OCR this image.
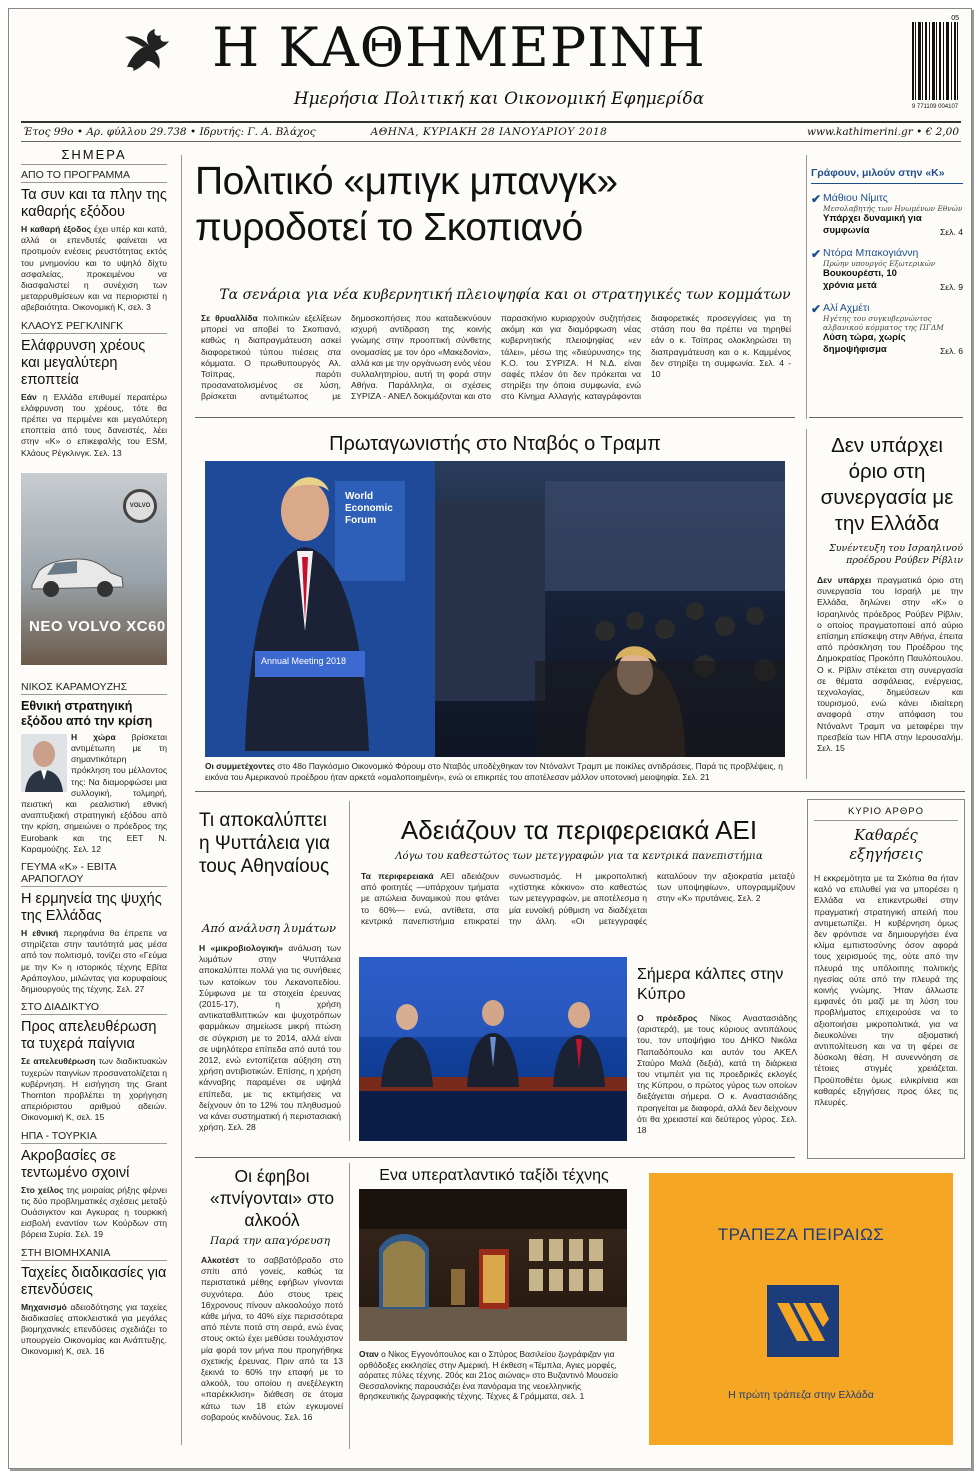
Η ΚΑΘΗΜΕΡΙΝΗ
Ημερήσια Πολιτική και Οικονομική Εφημερίδα
05
9 771109 004107
Έτος 99ο • Αρ. φύλλου 29.738 • Ιδρυτής: Γ. Α. Βλάχος	ΑΘΗΝΑ, ΚΥΡΙΑΚΗ 28 ΙΑΝΟΥΑΡΙΟΥ 2018	www.kathimerini.gr • € 2,00
ΣΗΜΕΡΑ
ΑΠΟ ΤΟ ΠΡΟΓΡΑΜΜΑ
Τα συν και τα πλην της καθαρής εξόδου
Η καθαρή έξοδος έχει υπέρ και κατά, αλλά οι επενδυτές φαίνεται να προτιμούν ενέσεις ρευστότητας εκτός του μνημονίου και το υψηλό δίχτυ ασφαλείας, προκειμένου να διασφαλιστεί η συνέχιση των μεταρρυθμίσεων και να περιοριστεί η αβεβαιότητα. Οικονομική Κ, σελ. 3
ΚΛΑΟΥΣ ΡΕΓΚΛΙΝΓΚ
Ελάφρυνση χρέους και μεγαλύτερη εποπτεία
Εάν η Ελλάδα επιθυμεί περαιτέρω ελάφρυνση του χρέους, τότε θα πρέπει να περιμένει και μεγαλύτερη εποπτεία από τους δανειστές, λέει στην «Κ» ο επικεφαλής του ESM, Κλάους Ρέγκλινγκ. Σελ. 13
VOLVO
NEO VOLVO XC60
ΝΙΚΟΣ ΚΑΡΑΜΟΥΖΗΣ
Εθνική στρατηγική εξόδου από την κρίση
Η χώρα βρίσκεται αντιμέτωπη με τη σημαντικότερη πρόκληση του μέλλοντος της: Να διαμορφώσει μια συλλογική, τολμηρή, πειστική και ρεαλιστική εθνική αναπτυξιακή στρατηγική εξόδου από την κρίση, σημειώνει ο πρόεδρος της Eurobank και της ΕΕΤ Ν. Καραμούζης. Σελ. 12
ΓΕΥΜΑ «Κ» - ΕΒΙΤΑ ΑΡΑΠΟΓΛΟΥ
Η ερμηνεία της ψυχής της Ελλάδας
Η εθνική περηφάνια θα έπρεπε να στηρίζεται στην ταυτότητά μας μέσα από τον πολιτισμό, τονίζει στο «Γεύμα με την Κ» η ιστορικός τέχνης Εβίτα Αράπογλου, μιλώντας για κορυφαίους δημιουργούς της τέχνης. Σελ. 27
ΣΤΟ ΔΙΑΔΙΚΤΥΟ
Προς απελευθέρωση τα τυχερά παίγνια
Σε απελευθέρωση των διαδικτυακών τυχερών παιγνίων προσανατολίζεται η κυβέρνηση. Η εισήγηση της Grant Thornton προβλέπει τη χορήγηση απεριόριστου αριθμού αδειών. Οικονομική Κ, σελ. 15
ΗΠΑ - ΤΟΥΡΚΙΑ
Ακροβασίες σε τεντωμένο σχοινί
Στο χείλος της μοιραίας ρήξης φέρνει τις δύο προβληματικές σχέσεις μεταξύ Ουάσιγκτον και Αγκυρας η τουρκική εισβολή εναντίον των Κούρδων στη βόρεια Συρία. Σελ. 19
ΣΤΗ ΒΙΟΜΗΧΑΝΙΑ
Ταχείες διαδικασίες για επενδύσεις
Μηχανισμό αδειοδότησης για ταχείες διαδικασίες αποκλειστικά για μεγάλες βιομηχανικές επενδύσεις σχεδιάζει το υπουργείο Οικονομίας και Ανάπτυξης. Οικονομική Κ, σελ. 16
Πολιτικό «μπιγκ μπανγκ» πυροδοτεί το Σκοπιανό
Τα σενάρια για νέα κυβερνητική πλειοψηφία και οι στρατηγικές των κομμάτων
Σε θρυαλλίδα πολιτικών εξελίξεων μπορεί να αποβεί το Σκοπιανό, καθώς η διαπραγμάτευση ασκεί διαφορετικού τύπου πιέσεις στα κόμματα. Ο πρωθυπουργός Αλ. Τσίπρας, παρότι προσανατολισμένος σε λύση, βρίσκεται αντιμέτωπος με δημοσκοπήσεις που καταδεικνύουν ισχυρή αντίδραση της κοινής γνώμης στην προοπτική σύνθετης ονομασίας με τον όρο «Μακεδονία», αλλά και με την οργάνωση ενός νέου συλλαλητηρίου, αυτή τη φορά στην Αθήνα. Παράλληλα, οι σχέσεις ΣΥΡΙΖΑ - ΑΝΕΛ δοκιμάζονται και στο παρασκήνιο κυριαρχούν συζητήσεις ακόμη και για διαμόρφωση νέας κυβερνητικής πλειοψηφίας «εν τάλει», μέσω της «διεύρυνσης» της Κ.Ο. του ΣΥΡΙΖΑ. Η Ν.Δ. είναι σαφές πλέον ότι δεν πρόκειται να στηρίξει την όποια συμφωνία, ενώ στο Κίνημα Αλλαγής καταγράφονται διαφορετικές προσεγγίσεις για τη στάση που θα πρέπει να τηρηθεί εάν ο κ. Τσίπρας ολοκληρώσει τη διαπραγμάτευση και ο κ. Καμμένος δεν στηρίξει τη συμφωνία. Σελ. 4 - 10
Γράφουν, μιλούν στην «Κ»
✔ Μάθιου Νίμιτς
Μεσολαβητής των Ηνωμένων Εθνών
Υπάρχει δυναμική για συμφωνία	Σελ. 4
✔ Ντόρα Μπακογιάννη
Πρώην υπουργός Εξωτερικών
Βουκουρέστι, 10 χρόνια μετά	Σελ. 9
✔ Αλί Αχμέτι
Ηγέτης του συγκυβερνώντος αλβανικού κόμματος της ΠΓΔΜ
Λύση τώρα, χωρίς δημοψήφισμα	Σελ. 6
Πρωταγωνιστής στο Νταβός ο Τραμπ
World Economic Forum
Annual Meeting 2018
Οι συμμετέχοντες στο 48ο Παγκόσμιο Οικονομικό Φόρουμ στο Νταβός υποδέχθηκαν τον Ντόναλντ Τραμπ με ποικίλες αντιδράσεις. Παρά τις προβλέψεις, η εικόνα του Αμερικανού προέδρου ήταν αρκετά «ομαλοποιημένη», ενώ οι επικριτές του αποτέλεσαν μάλλον υποτονική μειοψηφία. Σελ. 21
Δεν υπάρχει όριο στη συνεργασία με την Ελλάδα
Συνέντευξη του Ισραηλινού προέδρου Ρούβεν Ρίβλιν
Δεν υπάρχει πραγματικά όριο στη συνεργασία του Ισραήλ με την Ελλάδα, δηλώνει στην «Κ» ο Ισραηλινός πρόεδρος Ρούβεν Ρίβλιν, ο οποίος πραγματοποιεί από αύριο επίσημη επίσκεψη στην Αθήνα, έπειτα από πρόσκληση του Προέδρου της Δημοκρατίας Προκόπη Παυλόπουλου. Ο κ. Ρίβλιν στέκεται στη συνεργασία σε θέματα ασφάλειας, ενέργειας, τεχνολογίας, δημεύσεων και τουρισμού, ενώ κάνει ιδιαίτερη αναφορά στην απόφαση του Ντόναλντ Τραμπ να μεταφέρει την πρεσβεία των ΗΠΑ στην Ιερουσαλήμ. Σελ. 15
Τι αποκαλύπτει η Ψυττάλεια για τους Αθηναίους
Από ανάλυση λυμάτων
Η «μικροβιολογική» ανάλυση των λυμάτων στην Ψυττάλεια αποκαλύπτει πολλά για τις συνήθειες των κατοίκων του Λεκανοπεδίου. Σύμφωνα με τα στοιχεία έρευνας (2015-17), η χρήση αντικαταθλιπτικών και ψυχοτρόπων φαρμάκων σημείωσε μικρή πτώση σε σύγκριση με το 2014, αλλά είναι σε υψηλότερα επίπεδα από αυτά του 2012, ενώ εντοπίζεται αύξηση στη χρήση αντιβιοτικών. Επίσης, η χρήση κάνναβης παραμένει σε υψηλά επίπεδα, με τις εκτιμήσεις να δείχνουν ότι το 12% του πληθυσμού να κάνει συστηματική ή περιστασιακή χρήση. Σελ. 28
Αδειάζουν τα περιφερειακά ΑΕΙ
Λόγω του καθεστώτος των μετεγγραφών για τα κεντρικά πανεπιστήμια
Τα περιφερειακά ΑΕΙ αδειάζουν από φοιτητές —υπάρχουν τμήματα με απώλεια δυναμικού που φτάνει το 60%— ενώ, αντίθετα, στα κεντρικά πανεπιστήμια επικρατεί συνωστισμός. Η μικροπολιτική «χτίστηκε κόκκινο» στο καθεστώς των μετεγγραφών, με αποτέλεσμα η μία ευνοϊκή ρύθμιση να διαδέχεται την άλλη. «Οι μετεγγραφές καταλύουν την αξιοκρατία μεταξύ των υποψηφίων», υπογραμμίζουν στην «Κ» πρυτάνεις. Σελ. 2
Σήμερα κάλπες στην Κύπρο
Ο πρόεδρος Νίκος Αναστασιάδης (αριστερά), με τους κύριους αντιπάλους του, τον υποψήφιο του ΔΗΚΟ Νικόλα Παπαδόπουλο και αυτόν του ΑΚΕΛ Σταύρο Μαλά (δεξιά), κατά τη διάρκεια του ντιμπέιτ για τις προεδρικές εκλογές της Κύπρου, ο πρώτος γύρος των οποίων διεξάγεται σήμερα. Ο κ. Αναστασιάδης προηγείται με διαφορά, αλλά δεν δείχνουν ότι θα χρειαστεί και δεύτερος γύρος. Σελ. 18
ΚΥΡΙΟ ΑΡΘΡΟ
Καθαρές εξηγήσεις
Η εκκρεμότητα με τα Σκόπια θα ήταν καλό να επιλυθεί για να μπορέσει η Ελλάδα να επικεντρωθεί στην πραγματική στρατηγική απειλή που αντιμετωπίζει. Η κυβέρνηση όμως δεν φρόντισε να δημιουργήσει ένα κλίμα εμπιστοσύνης όσον αφορά τους χειρισμούς της, ούτε από την πλευρά της υπόλοιπης πολιτικής ηγεσίας ούτε από την πλευρά της κοινής γνώμης. Ήταν άλλωστε εμφανές ότι μαζί με τη λύση του προβλήματος επιχειρούσε να το αξιοποιήσει μικροπολιτικά, για να διευκολύνει την αξιοματική αντιπολίτευση και να τη φέρει σε δύσκολη θέση. Η συνεννόηση σε τέτοιες στιγμές χρειάζεται. Προϋποθέτει όμως ειλικρίνεια και καθαρές εξηγήσεις προς όλες τις πλευρές.
Οι έφηβοι «πνίγονται» στο αλκοόλ
Παρά την απαγόρευση
Αλκοτέστ το σαββατόβραδο στο σπίτι από γονείς, καθώς τα περιστατικά μέθης εφήβων γίνονται συχνότερα. Δύο στους τρεις 16χρονους πίνουν αλκοολούχο ποτό κάθε μήνα, το 40% είχε περισσότερα από πέντε ποτά στη σειρά, ενώ ένας στους οκτώ έχει μεθύσει τουλάχιστον μία φορά τον μήνα που προηγήθηκε σχετικής έρευνας. Πριν από τα 13 ξεκινά το 60% την επαφή με το αλκοόλ, του οποίου η ανεξέλεγκτη «παρέκκλιση» διάθεση σε άτομα κάτω των 18 ετών εγκυμονεί σοβαρούς κινδύνους. Σελ. 16
Ενα υπερατλαντικό ταξίδι τέχνης
Οταν ο Νίκος Εγγονόπουλος και ο Σπύρος Βασιλείου ζωγράφιζαν για ορθόδοξες εκκλησίες στην Αμερική. Η έκθεση «Τέμπλα, Αγιες μορφές, αόρατες πύλες τέχνης. 20ός και 21ος αιώνας» στο Βυζαντινό Μουσείο Θεσσαλονίκης παρουσιάζει ένα πανόραμα της νεοελληνικής θρησκευτικής ζωγραφικής τέχνης. Τέχνες & Γράμματα, σελ. 1
ΤΡΑΠΕΖΑ ΠΕΙΡΑΙΩΣ
Η πρώτη τράπεζα στην Ελλάδα
